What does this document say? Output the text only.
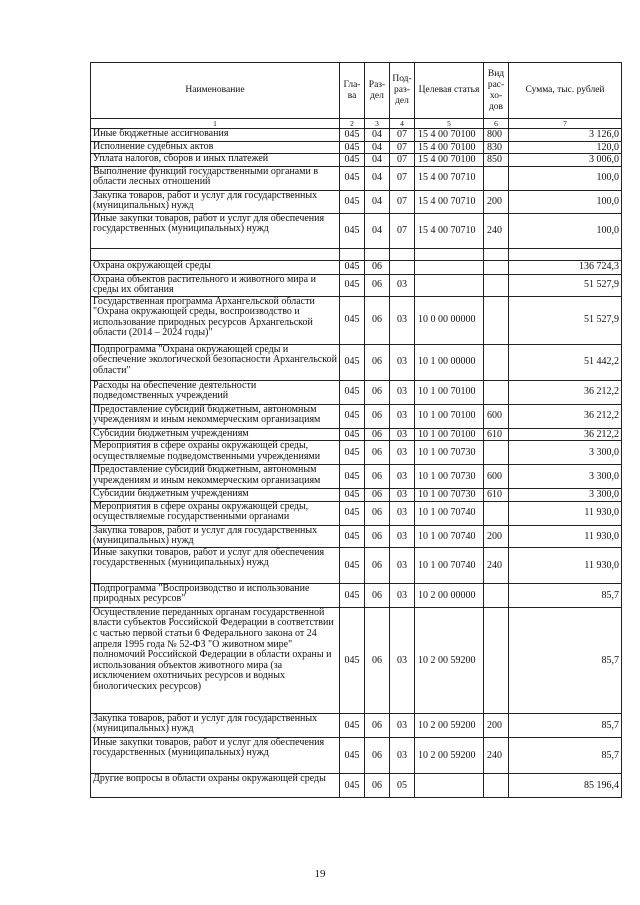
Наименование	Гла-ва	Раз-дел	Под-раз-дел	Целевая статья	Вид рас-хо-дов	Сумма, тыс. рублей
1	2	3	4	5	6	7
Иные бюджетные ассигнования	045	04	07	15 4 00 70100	800	3 126,0
Исполнение судебных актов	045	04	07	15 4 00 70100	830	120,0
Уплата налогов, сборов и иных платежей	045	04	07	15 4 00 70100	850	3 006,0
Выполнение функций государственными органами в области лесных отношений	045	04	07	15 4 00 70710		100,0
Закупка товаров, работ и услуг для государственных (муниципальных) нужд	045	04	07	15 4 00 70710	200	100,0
Иные закупки товаров, работ и услуг для обеспечения государственных (муниципальных) нужд	045	04	07	15 4 00 70710	240	100,0

Охрана окружающей среды	045	06				136 724,3
Охрана объектов растительного и животного мира и среды их обитания	045	06	03			51 527,9
Государственная программа Архангельской области "Охрана окружающей среды, воспроизводство и использование природных ресурсов Архангельской области (2014 – 2024 годы)"	045	06	03	10 0 00 00000		51 527,9
Подпрограмма "Охрана окружающей среды и обеспечение экологической безопасности Архангельской области"	045	06	03	10 1 00 00000		51 442,2
Расходы на обеспечение деятельности подведомственных учреждений	045	06	03	10 1 00 70100		36 212,2
Предоставление субсидий бюджетным, автономным учреждениям и иным некоммерческим организациям	045	06	03	10 1 00 70100	600	36 212,2
Субсидии бюджетным учреждениям	045	06	03	10 1 00 70100	610	36 212,2
Мероприятия в сфере охраны окружающей среды, осуществляемые подведомственными учреждениями	045	06	03	10 1 00 70730		3 300,0
Предоставление субсидий бюджетным, автономным учреждениям и иным некоммерческим организациям	045	06	03	10 1 00 70730	600	3 300,0
Субсидии бюджетным учреждениям	045	06	03	10 1 00 70730	610	3 300,0
Мероприятия в сфере охраны окружающей среды, осуществляемые государственными органами	045	06	03	10 1 00 70740		11 930,0
Закупка товаров, работ и услуг для государственных (муниципальных) нужд	045	06	03	10 1 00 70740	200	11 930,0
Иные закупки товаров, работ и услуг для обеспечения государственных (муниципальных) нужд	045	06	03	10 1 00 70740	240	11 930,0
Подпрограмма "Воспроизводство и использование природных ресурсов"	045	06	03	10 2 00 00000		85,7
Осуществление переданных органам государственной власти субъектов Российской Федерации в соответствии с частью первой статьи 6 Федерального закона от 24 апреля 1995 года № 52-ФЗ "О животном мире" полномочий Российской Федерации в области охраны и использования объектов животного мира (за исключением охотничьих ресурсов и водных биологических ресурсов)	045	06	03	10 2 00 59200		85,7
Закупка товаров, работ и услуг для государственных (муниципальных) нужд	045	06	03	10 2 00 59200	200	85,7
Иные закупки товаров, работ и услуг для обеспечения государственных (муниципальных) нужд	045	06	03	10 2 00 59200	240	85,7
Другие вопросы в области охраны окружающей среды	045	06	05			85 196,4
19
